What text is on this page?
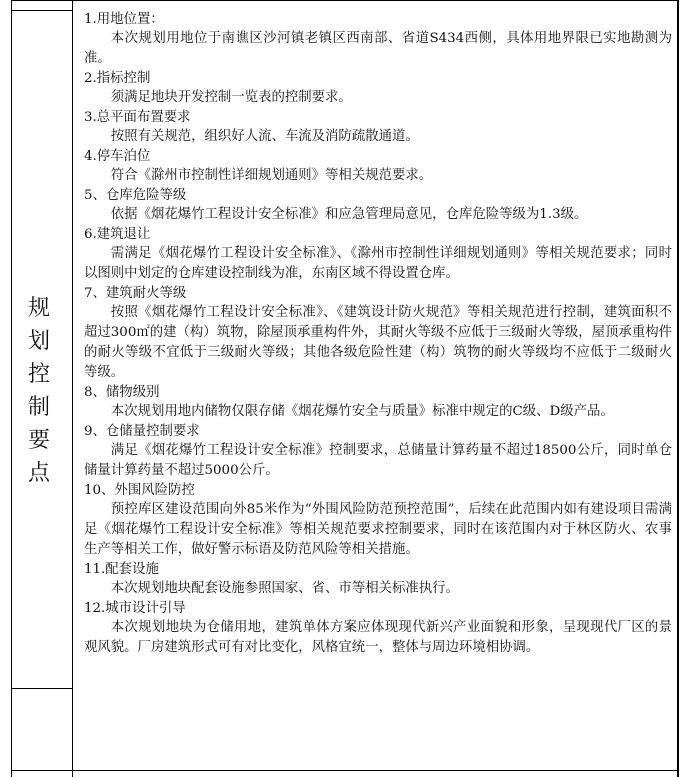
规划控制要点
1.用地位置：
本次规划用地位于南谯区沙河镇老镇区西南部、省道S434西侧，具体用地界限已实地勘测为准。
2.指标控制
须满足地块开发控制一览表的控制要求。
3.总平面布置要求
按照有关规范，组织好人流、车流及消防疏散通道。
4.停车泊位
符合《滁州市控制性详细规划通则》等相关规范要求。
5、仓库危险等级
依据《烟花爆竹工程设计安全标准》和应急管理局意见，仓库危险等级为1.3级。
6.建筑退让
需满足《烟花爆竹工程设计安全标准》、《滁州市控制性详细规划通则》等相关规范要求；同时以图则中划定的仓库建设控制线为准，东南区域不得设置仓库。
7、建筑耐火等级
按照《烟花爆竹工程设计安全标准》、《建筑设计防火规范》等相关规范进行控制，建筑面积不超过300㎡的建（构）筑物，除屋顶承重构件外，其耐火等级不应低于三级耐火等级，屋顶承重构件的耐火等级不宜低于三级耐火等级；其他各级危险性建（构）筑物的耐火等级均不应低于二级耐火等级。
8、储物级别
本次规划用地内储物仅限存储《烟花爆竹安全与质量》标准中规定的C级、D级产品。
9、仓储量控制要求
满足《烟花爆竹工程设计安全标准》控制要求，总储量计算药量不超过18500公斤，同时单仓储量计算药量不超过5000公斤。
10、外围风险防控
预控库区建设范围向外85米作为“外围风险防范预控范围”，后续在此范围内如有建设项目需满足《烟花爆竹工程设计安全标准》等相关规范要求控制要求，同时在该范围内对于林区防火、农事生产等相关工作，做好警示标语及防范风险等相关措施。
11.配套设施
本次规划地块配套设施参照国家、省、市等相关标准执行。
12.城市设计引导
本次规划地块为仓储用地，建筑单体方案应体现现代新兴产业面貌和形象，呈现现代厂区的景观风貌。厂房建筑形式可有对比变化，风格宜统一，整体与周边环境相协调。
